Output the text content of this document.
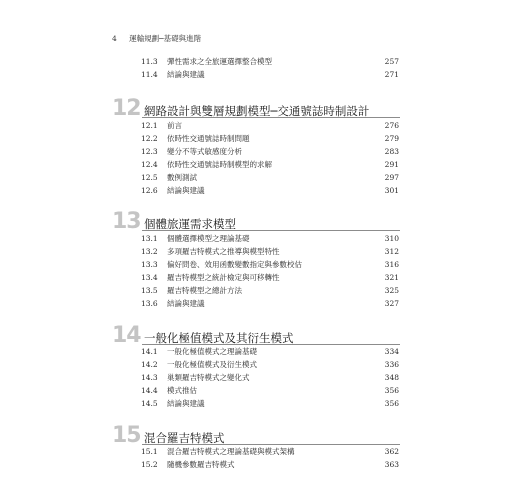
4 運輸規劃─基礎與進階
11.3 彈性需求之全旅運選擇整合模型	257
11.4 結論與建議	271
12 網路設計與雙層規劃模型─交通號誌時制設計
12.1 前言	276
12.2 依時性交通號誌時制問題	279
12.3 變分不等式敏感度分析	283
12.4 依時性交通號誌時制模型的求解	291
12.5 數例測試	297
12.6 結論與建議	301
13 個體旅運需求模型
13.1 個體選擇模型之理論基礎	310
13.2 多項羅吉特模式之推導與模型特性	312
13.3 偏好問卷、效用函數變數指定與參數校估	316
13.4 羅吉特模型之統計檢定與可移轉性	321
13.5 羅吉特模型之總計方法	325
13.6 結論與建議	327
14 一般化極值模式及其衍生模式
14.1 一般化極值模式之理論基礎	334
14.2 一般化極值模式及衍生模式	336
14.3 巢類羅吉特模式之變化式	348
14.4 模式推估	356
14.5 結論與建議	356
15 混合羅吉特模式
15.1 混合羅吉特模式之理論基礎與模式架構	362
15.2 隨機參數羅吉特模式	363
